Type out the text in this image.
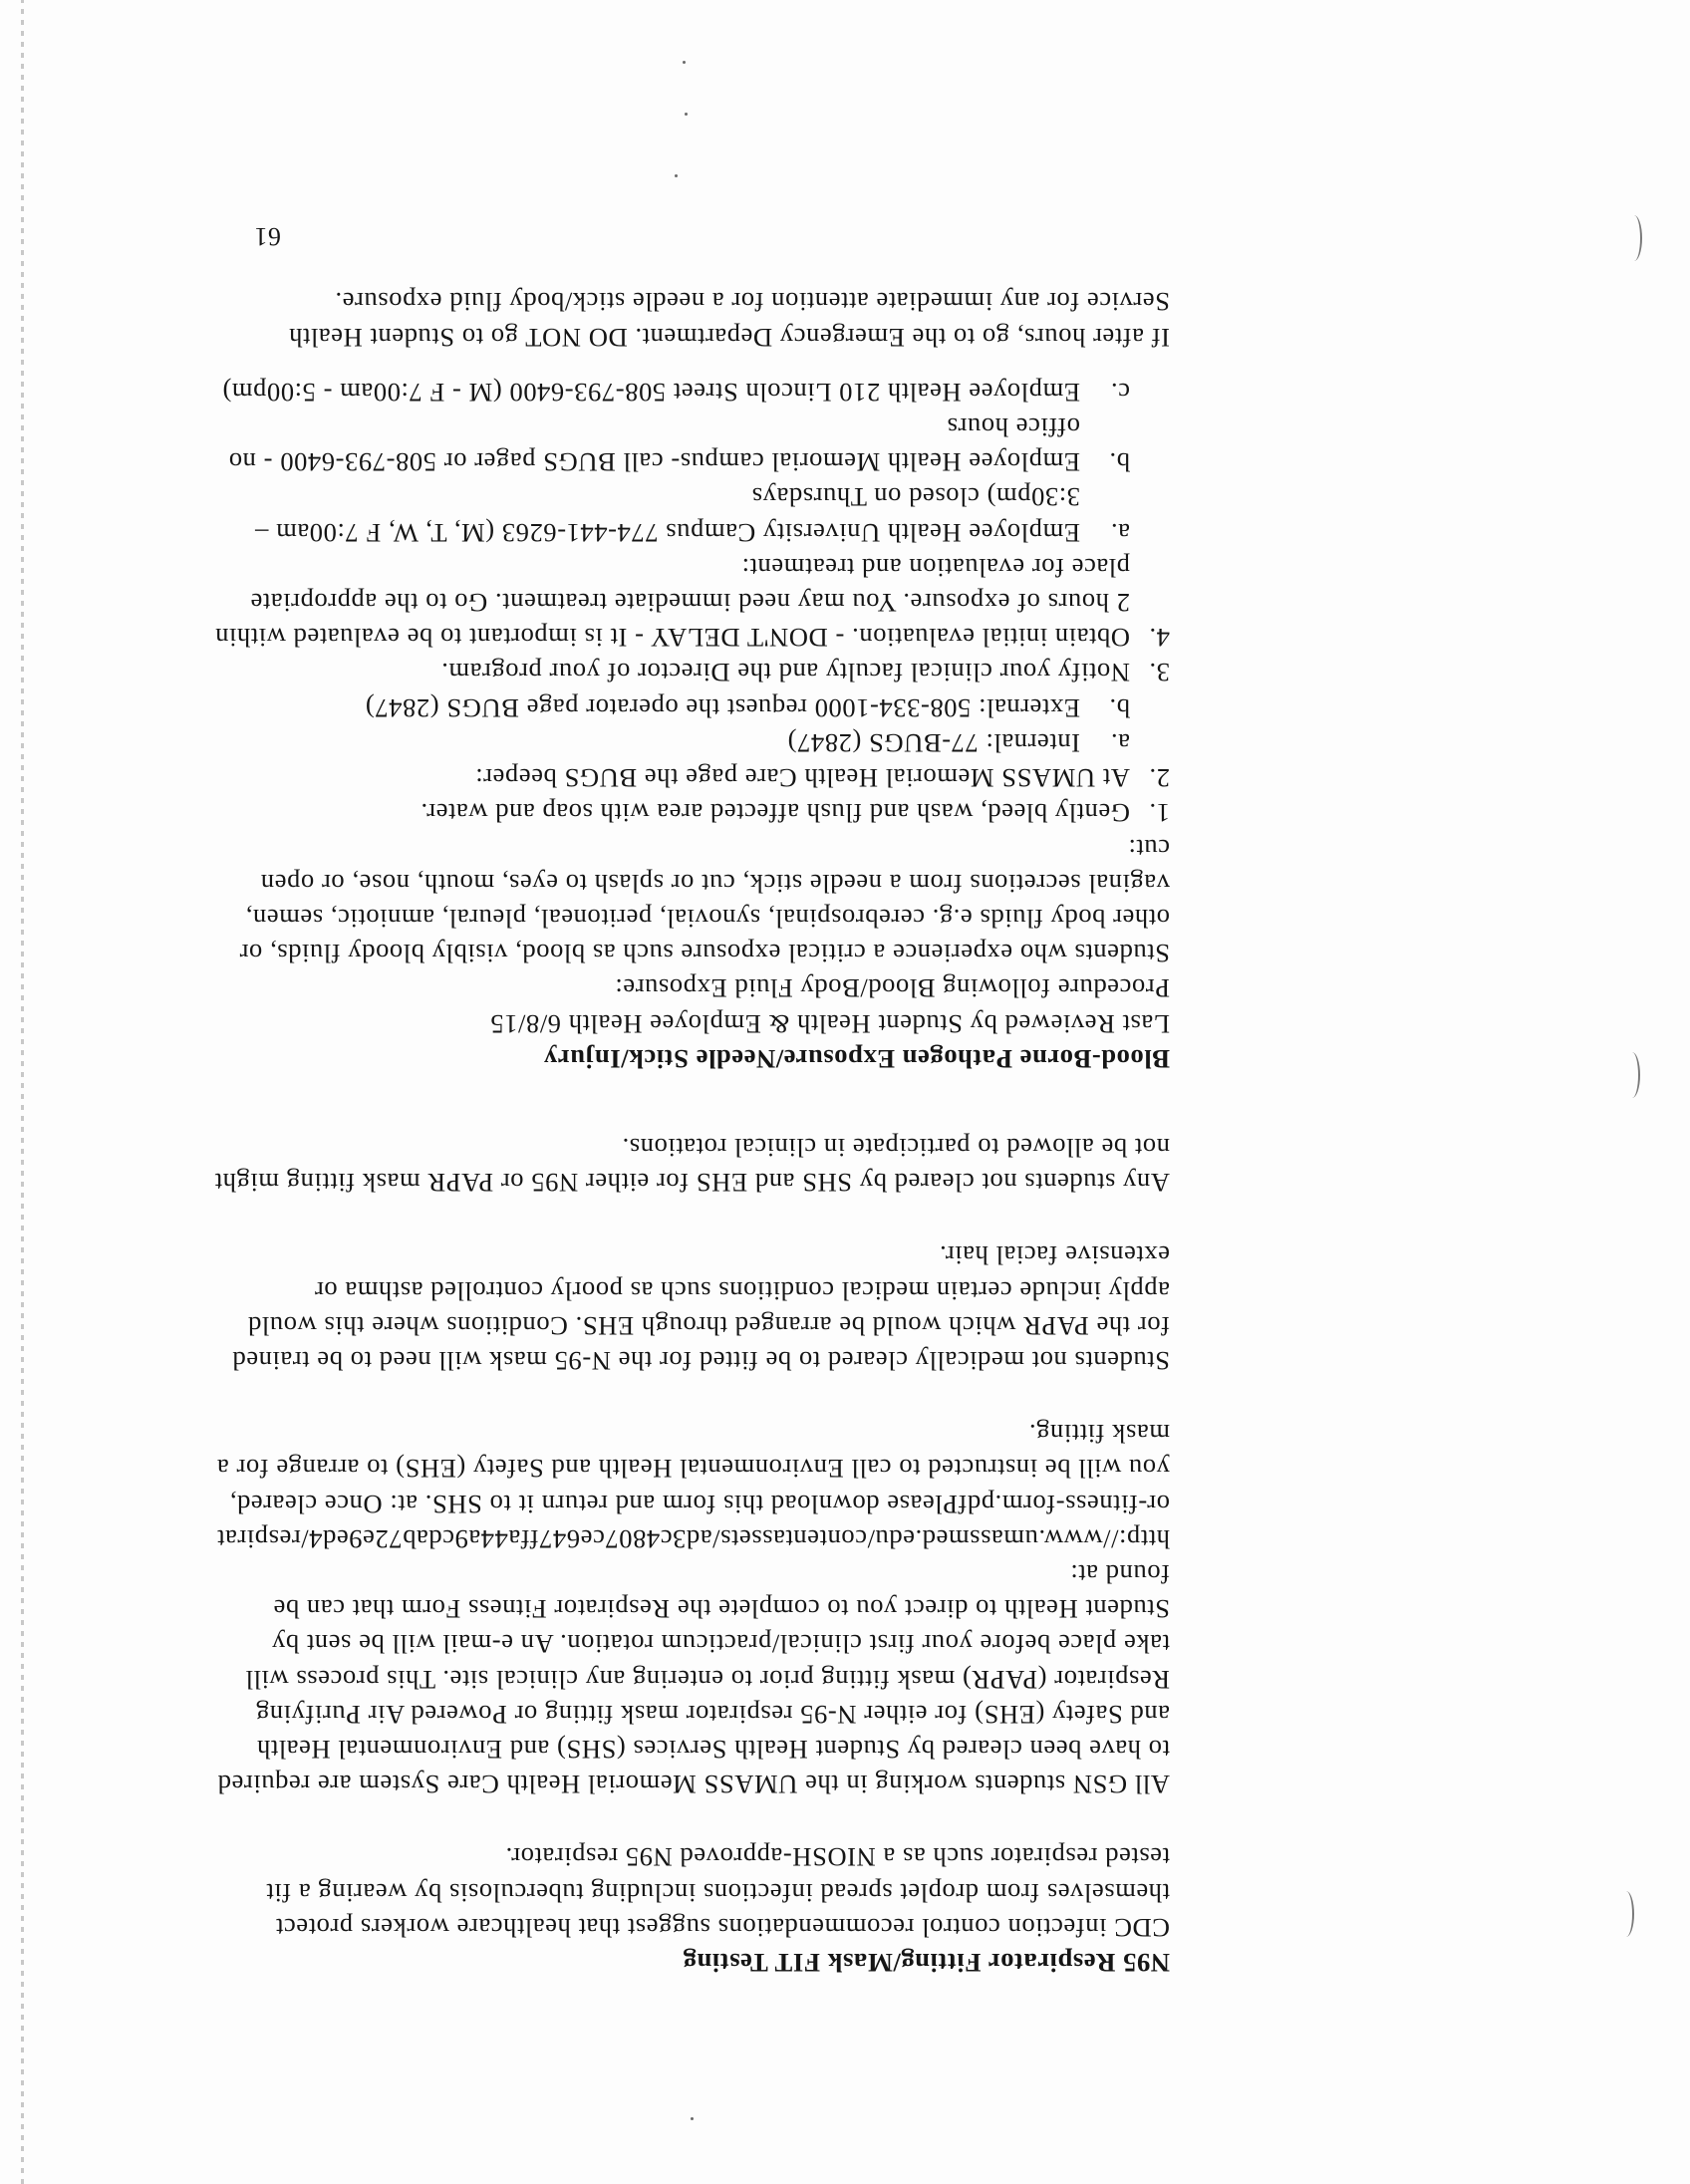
N95 Respirator Fitting/Mask FIT Testing

CDC infection control recommendations suggest that healthcare workers protect themselves from droplet spread infections including tuberculosis by wearing a fit tested respirator such as a NIOSH-approved N95 respirator.

All GSN students working in the UMASS Memorial Health Care System are required to have been cleared by Student Health Services (SHS) and Environmental Health and Safety (EHS) for either N-95 respirator mask fitting or Powered Air Purifying Respirator (PAPR) mask fitting prior to entering any clinical site. This process will take place before your first clinical/practicum rotation. An e-mail will be sent by Student Health to direct you to complete the Respirator Fitness Form that can be found at:

http://www.umassmed.edu/contentassets/ad3c4807ce647ffa44a9cdab72e9ed4/respirator-fitness-form.pdfPlease download this form and return it to SHS. at: Once cleared, you will be instructed to call Environmental Health and Safety (EHS) to arrange for a mask fitting.

Students not medically cleared to be fitted for the N-95 mask will need to be trained for the PAPR which would be arranged through EHS. Conditions where this would apply include certain medical conditions such as poorly controlled asthma or extensive facial hair.

Any students not cleared by SHS and EHS for either N95 or PAPR mask fitting might not be allowed to participate in clinical rotations.

Blood-Borne Pathogen Exposure/Needle Stick/Injury

Last Reviewed by Student Health & Employee Health 6/8/15

Procedure following Blood/Body Fluid Exposure:

Students who experience a critical exposure such as blood, visibly bloody fluids, or other body fluids e.g. cerebrospinal, synovial, peritoneal, pleural, amniotic, semen, vaginal secretions from a needle stick, cut or splash to eyes, mouth, nose, or open cut:

1.
Gently bleed, wash and flush affected area with soap and water.
2.
At UMASS Memorial Health Care page the BUGS beeper:
a.
Internal: 77-BUGS (2847)
b.
External: 508-334-1000 request the operator page BUGS (2847)
3.
Notify your clinical faculty and the Director of your program.
4.
Obtain initial evaluation. - DON'T DELAY - It is important to be evaluated within 2 hours of exposure. You may need immediate treatment. Go to the appropriate place for evaluation and treatment:
a.
Employee Health University Campus 774-441-6263 (M, T, W, F 7:00am – 3:30pm) closed on Thursdays
b.
Employee Health Memorial campus- call BUGS pager or 508-793-6400 - no office hours
c.
Employee Health 210 Lincoln Street 508-793-6400 (M - F 7:00am - 5:00pm)

If after hours, go to the Emergency Department. DO NOT go to Student Health Service for any immediate attention for a needle stick/body fluid exposure.

61
